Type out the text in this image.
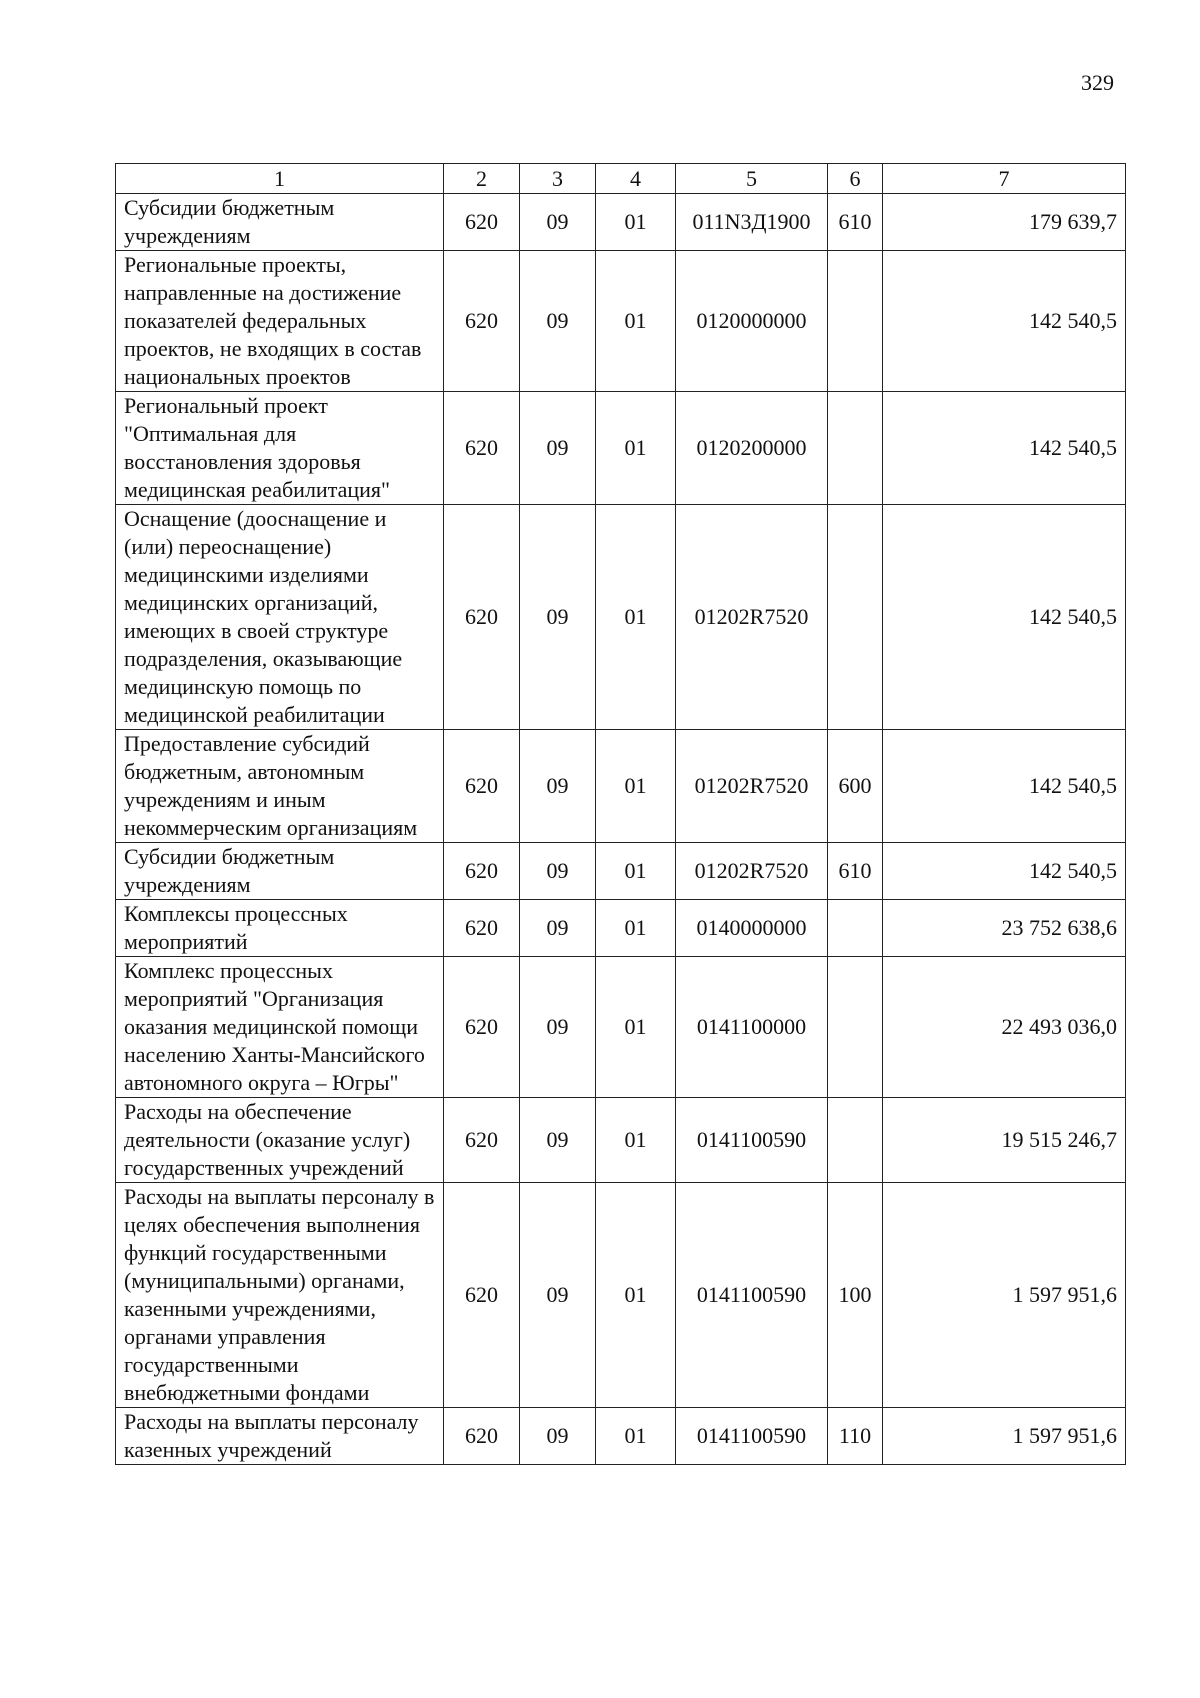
329
1	2	3	4	5	6	7
Субсидии бюджетным учреждениям	620	09	01	011N3Д1900	610	179 639,7
Региональные проекты, направленные на достижение показателей федеральных проектов, не входящих в состав национальных проектов	620	09	01	0120000000		142 540,5
Региональный проект "Оптимальная для восстановления здоровья медицинская реабилитация"	620	09	01	0120200000		142 540,5
Оснащение (дооснащение и (или) переоснащение) медицинскими изделиями медицинских организаций, имеющих в своей структуре подразделения, оказывающие медицинскую помощь по медицинской реабилитации	620	09	01	01202R7520		142 540,5
Предоставление субсидий бюджетным, автономным учреждениям и иным некоммерческим организациям	620	09	01	01202R7520	600	142 540,5
Субсидии бюджетным учреждениям	620	09	01	01202R7520	610	142 540,5
Комплексы процессных мероприятий	620	09	01	0140000000		23 752 638,6
Комплекс процессных мероприятий "Организация оказания медицинской помощи населению Ханты-Мансийского автономного округа – Югры"	620	09	01	0141100000		22 493 036,0
Расходы на обеспечение деятельности (оказание услуг) государственных учреждений	620	09	01	0141100590		19 515 246,7
Расходы на выплаты персоналу в целях обеспечения выполнения функций государственными (муниципальными) органами, казенными учреждениями, органами управления государственными внебюджетными фондами	620	09	01	0141100590	100	1 597 951,6
Расходы на выплаты персоналу казенных учреждений	620	09	01	0141100590	110	1 597 951,6
